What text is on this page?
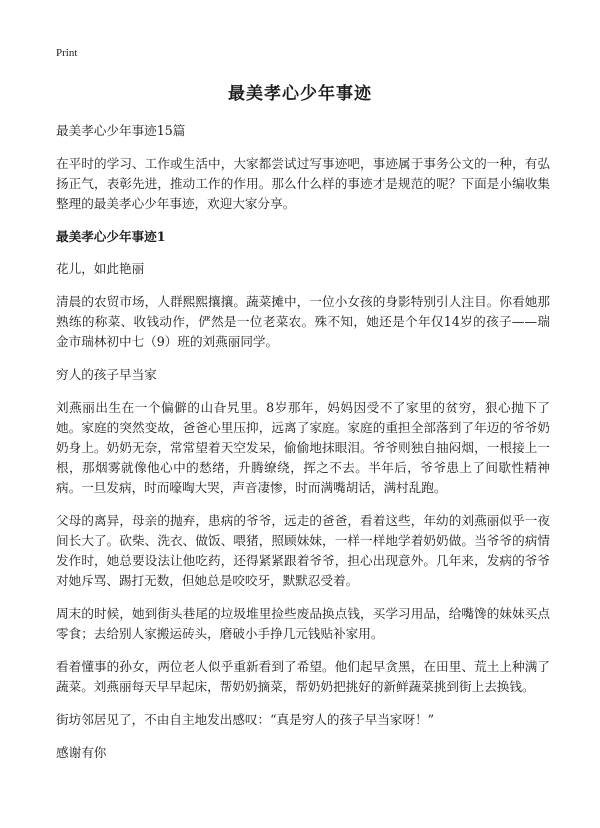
Print
最美孝心少年事迹

最美孝心少年事迹15篇

在平时的学习、工作或生活中，大家都尝试过写事迹吧，事迹属于事务公文的一种，有弘扬正气，表彰先进，推动工作的作用。那么什么样的事迹才是规范的呢？下面是小编收集整理的最美孝心少年事迹，欢迎大家分享。

最美孝心少年事迹1

花儿，如此艳丽

清晨的农贸市场，人群熙熙攘攘。蔬菜摊中，一位小女孩的身影特别引人注目。你看她那熟练的称菜、收钱动作，俨然是一位老菜农。殊不知，她还是个年仅14岁的孩子——瑞金市瑞林初中七（9）班的刘燕丽同学。

穷人的孩子早当家

刘燕丽出生在一个偏僻的山旮旯里。8岁那年，妈妈因受不了家里的贫穷，狠心抛下了她。家庭的突然变故，爸爸心里压抑，远离了家庭。家庭的重担全部落到了年迈的爷爷奶奶身上。奶奶无奈，常常望着天空发呆，偷偷地抹眼泪。爷爷则独自抽闷烟，一根接上一根，那烟雾就像他心中的愁绪，升腾缭绕，挥之不去。半年后，爷爷患上了间歇性精神病。一旦发病，时而嚎啕大哭，声音凄惨，时而满嘴胡话，满村乱跑。

父母的离异，母亲的抛弃，患病的爷爷，远走的爸爸，看着这些，年幼的刘燕丽似乎一夜间长大了。砍柴、洗衣、做饭、喂猪，照顾妹妹，一样一样地学着奶奶做。当爷爷的病情发作时，她总要设法让他吃药，还得紧紧跟着爷爷，担心出现意外。几年来，发病的爷爷对她斥骂、踢打无数，但她总是咬咬牙，默默忍受着。

周末的时候，她到街头巷尾的垃圾堆里捡些废品换点钱，买学习用品，给嘴馋的妹妹买点零食；去给别人家搬运砖头，磨破小手挣几元钱贴补家用。

看着懂事的孙女，两位老人似乎重新看到了希望。他们起早贪黑，在田里、荒土上种满了蔬菜。刘燕丽每天早早起床，帮奶奶摘菜，帮奶奶把挑好的新鲜蔬菜挑到街上去换钱。

街坊邻居见了，不由自主地发出感叹：“真是穷人的孩子早当家呀！”

感谢有你
